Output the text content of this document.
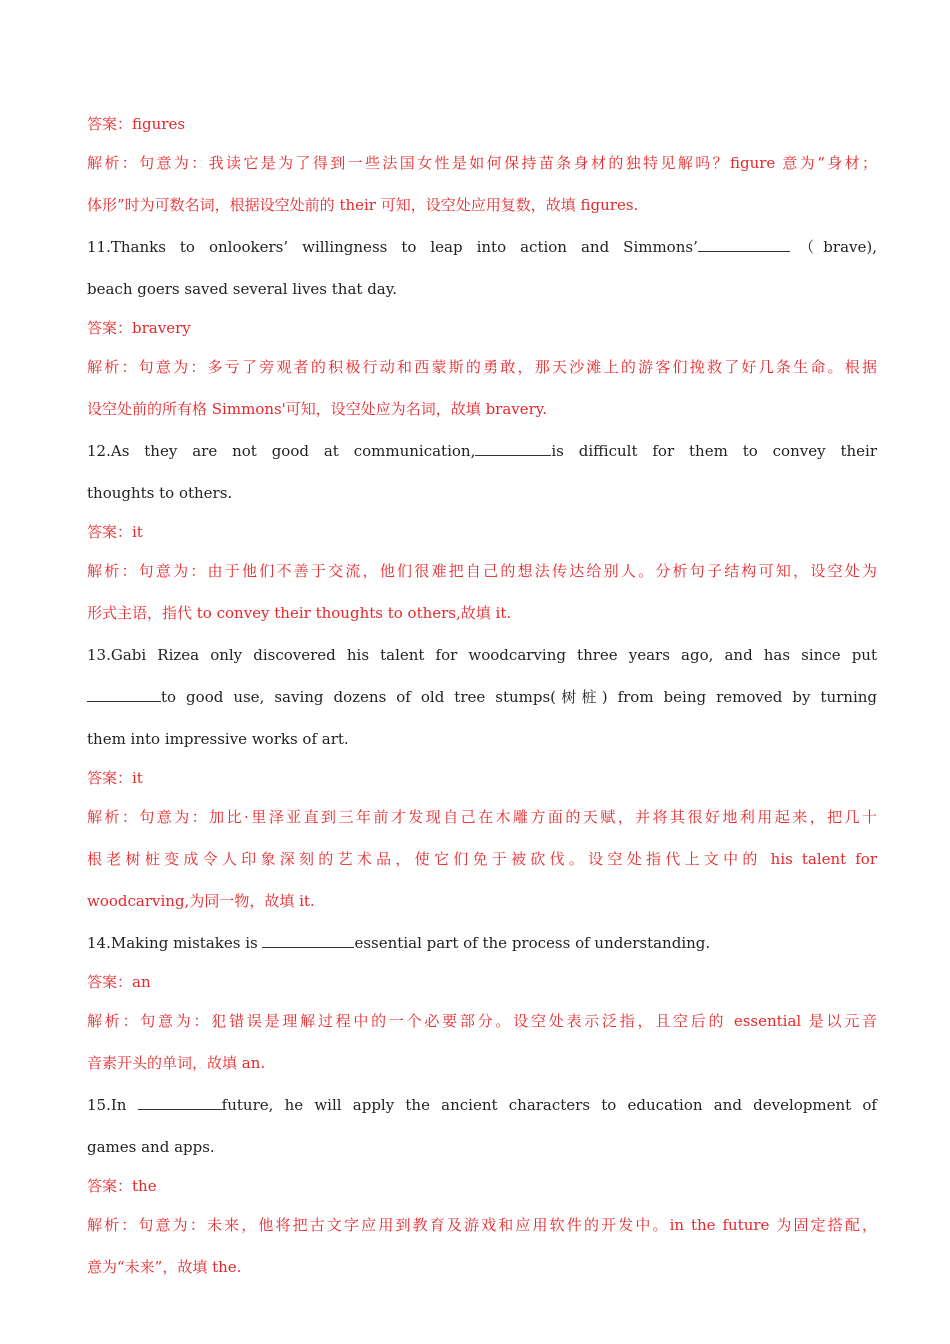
答案：figures
解析：句意为：我读它是为了得到一些法国女性是如何保持苗条身材的独特见解吗？figure 意为“身材；
体形”时为可数名词，根据设空处前的 their 可知，设空处应用复数，故填 figures.
11.Thanks to onlookers’ willingness to leap into action and Simmons’	（brave),
beach goers saved several lives that day.
答案：bravery
解析：句意为：多亏了旁观者的积极行动和西蒙斯的勇敢，那天沙滩上的游客们挽救了好几条生命。根据
设空处前的所有格 Simmons'可知，设空处应为名词，故填 bravery.
12.As they are not good at communication,	is difficult for them to convey their
thoughts to others.
答案：it
解析：句意为：由于他们不善于交流，他们很难把自己的想法传达给别人。分析句子结构可知，设空处为
形式主语，指代 to convey their thoughts to others,故填 it.
13.Gabi Rizea only discovered his talent for woodcarving three years ago, and has since put
to good use, saving dozens of old tree stumps(树桩) from being removed by turning
them into impressive works of art.
答案：it
解析：句意为：加比·里泽亚直到三年前才发现自己在木雕方面的天赋，并将其很好地利用起来，把几十
根老树桩变成令人印象深刻的艺术品，使它们免于被砍伐。设空处指代上文中的 his talent for
woodcarving,为同一物，故填 it.
14.Making mistakes is	essential part of the process of understanding.
答案：an
解析：句意为：犯错误是理解过程中的一个必要部分。设空处表示泛指，且空后的 essential 是以元音
音素开头的单词，故填 an.
15.In	future, he will apply the ancient characters to education and development of
games and apps.
答案：the
解析：句意为：未来，他将把古文字应用到教育及游戏和应用软件的开发中。in the future 为固定搭配，
意为“未来”，故填 the.
